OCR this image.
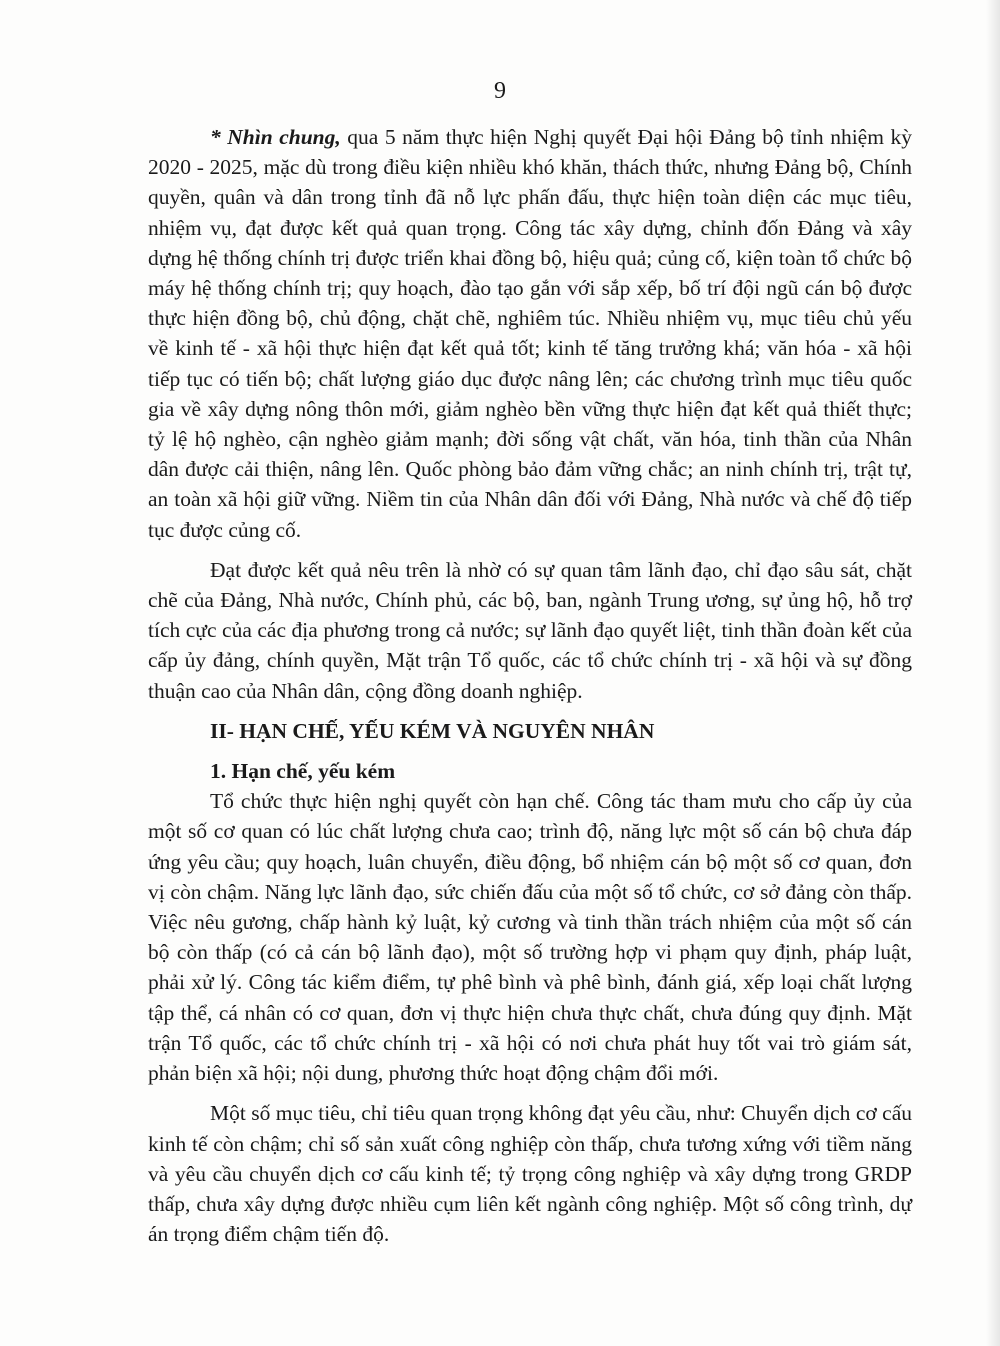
9

* Nhìn chung, qua 5 năm thực hiện Nghị quyết Đại hội Đảng bộ tỉnh nhiệm kỳ 2020 - 2025, mặc dù trong điều kiện nhiều khó khăn, thách thức, nhưng Đảng bộ, Chính quyền, quân và dân trong tỉnh đã nỗ lực phấn đấu, thực hiện toàn diện các mục tiêu, nhiệm vụ, đạt được kết quả quan trọng. Công tác xây dựng, chỉnh đốn Đảng và xây dựng hệ thống chính trị được triển khai đồng bộ, hiệu quả; củng cố, kiện toàn tổ chức bộ máy hệ thống chính trị; quy hoạch, đào tạo gắn với sắp xếp, bố trí đội ngũ cán bộ được thực hiện đồng bộ, chủ động, chặt chẽ, nghiêm túc. Nhiều nhiệm vụ, mục tiêu chủ yếu về kinh tế - xã hội thực hiện đạt kết quả tốt; kinh tế tăng trưởng khá; văn hóa - xã hội tiếp tục có tiến bộ; chất lượng giáo dục được nâng lên; các chương trình mục tiêu quốc gia về xây dựng nông thôn mới, giảm nghèo bền vững thực hiện đạt kết quả thiết thực; tỷ lệ hộ nghèo, cận nghèo giảm mạnh; đời sống vật chất, văn hóa, tinh thần của Nhân dân được cải thiện, nâng lên. Quốc phòng bảo đảm vững chắc; an ninh chính trị, trật tự, an toàn xã hội giữ vững. Niềm tin của Nhân dân đối với Đảng, Nhà nước và chế độ tiếp tục được củng cố.

Đạt được kết quả nêu trên là nhờ có sự quan tâm lãnh đạo, chỉ đạo sâu sát, chặt chẽ của Đảng, Nhà nước, Chính phủ, các bộ, ban, ngành Trung ương, sự ủng hộ, hỗ trợ tích cực của các địa phương trong cả nước; sự lãnh đạo quyết liệt, tinh thần đoàn kết của cấp ủy đảng, chính quyền, Mặt trận Tổ quốc, các tổ chức chính trị - xã hội và sự đồng thuận cao của Nhân dân, cộng đồng doanh nghiệp.

II- HẠN CHẾ, YẾU KÉM VÀ NGUYÊN NHÂN
1. Hạn chế, yếu kém

Tổ chức thực hiện nghị quyết còn hạn chế. Công tác tham mưu cho cấp ủy của một số cơ quan có lúc chất lượng chưa cao; trình độ, năng lực một số cán bộ chưa đáp ứng yêu cầu; quy hoạch, luân chuyển, điều động, bổ nhiệm cán bộ một số cơ quan, đơn vị còn chậm. Năng lực lãnh đạo, sức chiến đấu của một số tổ chức, cơ sở đảng còn thấp. Việc nêu gương, chấp hành kỷ luật, kỷ cương và tinh thần trách nhiệm của một số cán bộ còn thấp (có cả cán bộ lãnh đạo), một số trường hợp vi phạm quy định, pháp luật, phải xử lý. Công tác kiểm điểm, tự phê bình và phê bình, đánh giá, xếp loại chất lượng tập thể, cá nhân có cơ quan, đơn vị thực hiện chưa thực chất, chưa đúng quy định. Mặt trận Tổ quốc, các tổ chức chính trị - xã hội có nơi chưa phát huy tốt vai trò giám sát, phản biện xã hội; nội dung, phương thức hoạt động chậm đổi mới.

Một số mục tiêu, chỉ tiêu quan trọng không đạt yêu cầu, như: Chuyển dịch cơ cấu kinh tế còn chậm; chỉ số sản xuất công nghiệp còn thấp, chưa tương xứng với tiềm năng và yêu cầu chuyển dịch cơ cấu kinh tế; tỷ trọng công nghiệp và xây dựng trong GRDP thấp, chưa xây dựng được nhiều cụm liên kết ngành công nghiệp. Một số công trình, dự án trọng điểm chậm tiến độ.
